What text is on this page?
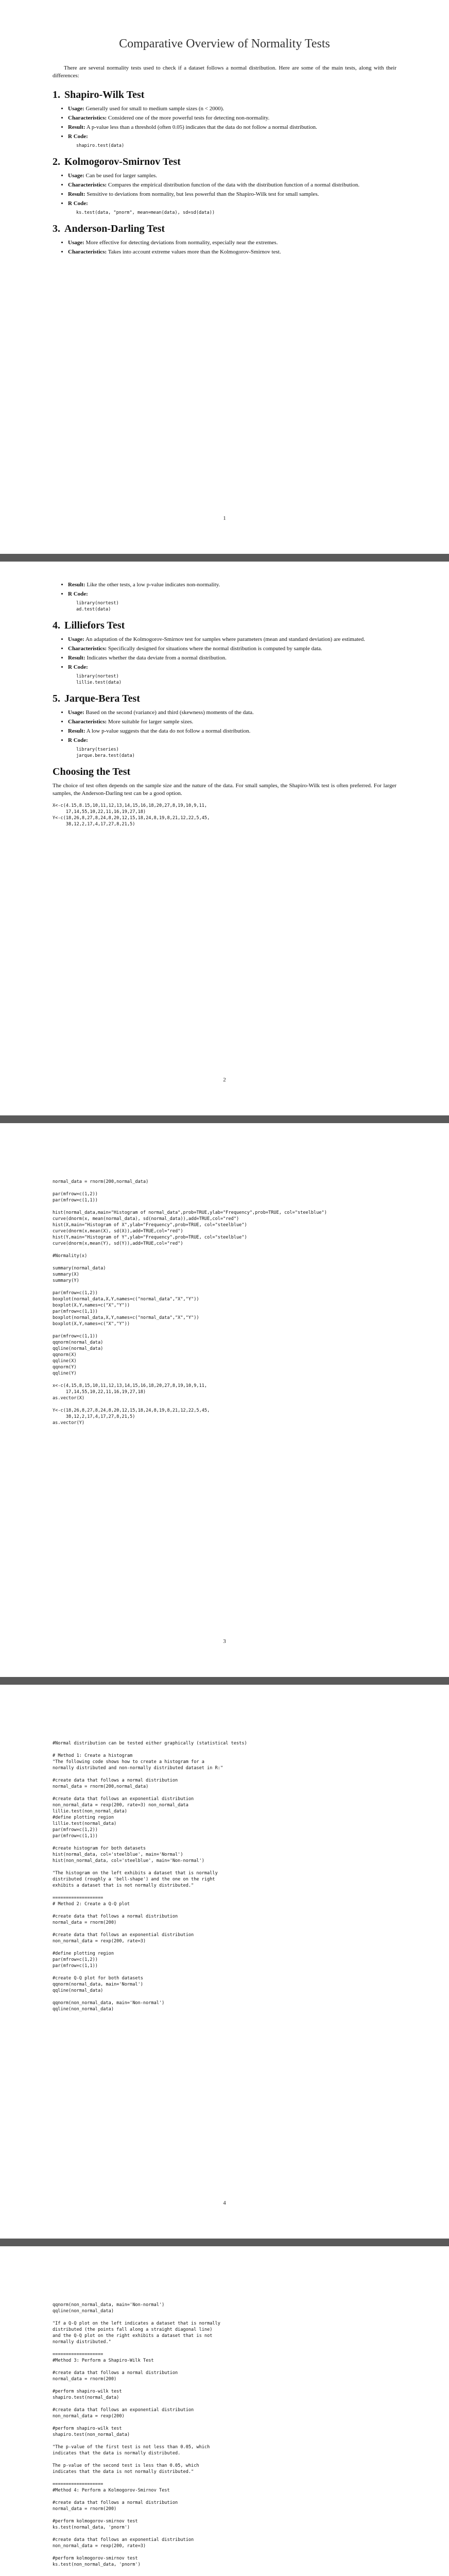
Comparative Overview of Normality Tests

There are several normality tests used to check if a dataset follows a normal distribution. Here are some of the main tests, along with their differences:

1. Shapiro-Wilk Test
• Usage: Generally used for small to medium sample sizes (n < 2000).
• Characteristics: Considered one of the more powerful tests for detecting non-normality.
• Result: A p-value less than a threshold (often 0.05) indicates that the data do not follow a normal distribution.
• R Code:
shapiro.test(data)
2. Kolmogorov-Smirnov Test
• Usage: Can be used for larger samples.
• Characteristics: Compares the empirical distribution function of the data with the distribution function of a normal distribution.
• Result: Sensitive to deviations from normality, but less powerful than the Shapiro-Wilk test for small samples.
• R Code:
ks.test(data, "pnorm", mean=mean(data), sd=sd(data))
3. Anderson-Darling Test
• Usage: More effective for detecting deviations from normality, especially near the extremes.
• Characteristics: Takes into account extreme values more than the Kolmogorov-Smirnov test.
1
• Result: Like the other tests, a low p-value indicates non-normality.
• R Code:
library(nortest)
ad.test(data)
4. Lilliefors Test
• Usage: An adaptation of the Kolmogorov-Smirnov test for samples where parameters (mean and standard deviation) are estimated.
• Characteristics: Specifically designed for situations where the normal distribution is computed by sample data.
• Result: Indicates whether the data deviate from a normal distribution.
• R Code:
library(nortest)
lillie.test(data)
5. Jarque-Bera Test
• Usage: Based on the second (variance) and third (skewness) moments of the data.
• Characteristics: More suitable for larger sample sizes.
• Result: A low p-value suggests that the data do not follow a normal distribution.
• R Code:
library(tseries)
jarque.bera.test(data)
Choosing the Test

The choice of test often depends on the sample size and the nature of the data. For small samples, the Shapiro-Wilk test is often preferred. For larger samples, the Anderson-Darling test can be a good option.

X<-c(4.15,8.15,10,11,12,13,14,15,16,18,20,27,8,19,10,9,11,
17,14,55,10,22,11,16,19,27,18)
Y<-c(18,26,8,27,8,24,8,20,12,15,18,24,8,19,8,21,12,22,5,45,
38,12,2,17,4,17,27,8,21,5)
2
normal_data = rnorm(200,normal_data)

par(mfrow=c(1,2))
par(mfrow=c(1,1))

hist(normal_data,main="Histogram of normal_data",prob=TRUE,ylab="Frequency",prob=TRUE, col="steelblue")
curve(dnorm(x, mean(normal_data), sd(normal_data)),add=TRUE,col="red")
hist(X,main="Histogram of X",ylab="Frequency",prob=TRUE, col="steelblue")
curve(dnorm(x,mean(X), sd(X)),add=TRUE,col="red")
hist(Y,main="Histogram of Y",ylab="Frequency",prob=TRUE, col="steelblue")
curve(dnorm(x,mean(Y), sd(Y)),add=TRUE,col="red")

#Normality(x)

summary(normal_data)
summary(X)
summary(Y)

par(mfrow=c(1,2))
boxplot(normal_data,X,Y,names=c("normal_data","X","Y"))
boxplot(X,Y,names=c("X","Y"))
par(mfrow=c(1,1))
boxplot(normal_data,X,Y,names=c("normal_data","X","Y"))
boxplot(X,Y,names=c("X","Y"))

par(mfrow=c(1,1))
qqnorm(normal_data)
qqline(normal_data)
qqnorm(X)
qqline(X)
qqnorm(Y)
qqline(Y)

x<-c(4,15,8,15,10,11,12,13,14,15,16,18,20,27,8,19,10,9,11,
17,14,55,10,22,11,16,19,27,18)
as.vector(X)

Y<-c(18,26,8,27,8,24,8,20,12,15,18,24,8,19,8,21,12,22,5,45,
38,12,2,17,4,17,27,8,21,5)
as.vector(Y)
3
#Normal distribution can be tested either graphically (statistical tests)

# Method 1: Create a histogram
"The following code shows how to create a histogram for a
normally distributed and non-normally distributed dataset in R:"

#create data that follows a normal distribution
normal_data = rnorm(200,normal_data)

#create data that follows an exponential distribution
non_normal_data = rexp(200, rate=3) non_normal_data
lillie.test(non_normal_data)
#define plotting region
lillie.test(normal_data)
par(mfrow=c(1,2))
par(mfrow=c(1,1))

#create histogram for both datasets
hist(normal_data, col='steelblue', main='Normal')
hist(non_normal_data, col='steelblue', main='Non-normal')

"The histogram on the left exhibits a dataset that is normally
distributed (roughly a 'bell-shape') and the one on the right
exhibits a dataset that is not normally distributed."

===================
# Method 2: Create a Q-Q plot

#create data that follows a normal distribution
normal_data = rnorm(200)

#create data that follows an exponential distribution
non_normal_data = rexp(200, rate=3)

#define plotting region
par(mfrow=c(1,2))
par(mfrow=c(1,1))

#create Q-Q plot for both datasets
qqnorm(normal_data, main='Normal')
qqline(normal_data)

qqnorm(non_normal_data, main='Non-normal')
qqline(non_normal_data)
4
qqnorm(non_normal_data, main='Non-normal')
qqline(non_normal_data)

"If a Q-Q plot on the left indicates a dataset that is normally
distributed (the points fall along a straight diagonal line)
and the Q-Q plot on the right exhibits a dataset that is not
normally distributed."

===================
#Method 3: Perform a Shapiro-Wilk Test

#create data that follows a normal distribution
normal_data = rnorm(200)

#perform shapiro-wilk test
shapiro.test(normal_data)

#create data that follows an exponential distribution
non_normal_data = rexp(200)

#perform shapiro-wilk test
shapiro.test(non_normal_data)

"The p-value of the first test is not less than 0.05, which
indicates that the data is normally distributed.

The p-value of the second test is less than 0.05, which
indicates that the data is not normally distributed."

===================
#Method 4: Perform a Kolmogorov-Smirnov Test

#create data that follows a normal distribution
normal_data = rnorm(200)

#perform kolmogorov-smirnov test
ks.test(normal_data, 'pnorm')

#create data that follows an exponential distribution
non_normal_data = rexp(200, rate=3)

#perform kolmogorov-smirnov test
ks.test(non_normal_data, 'pnorm')
